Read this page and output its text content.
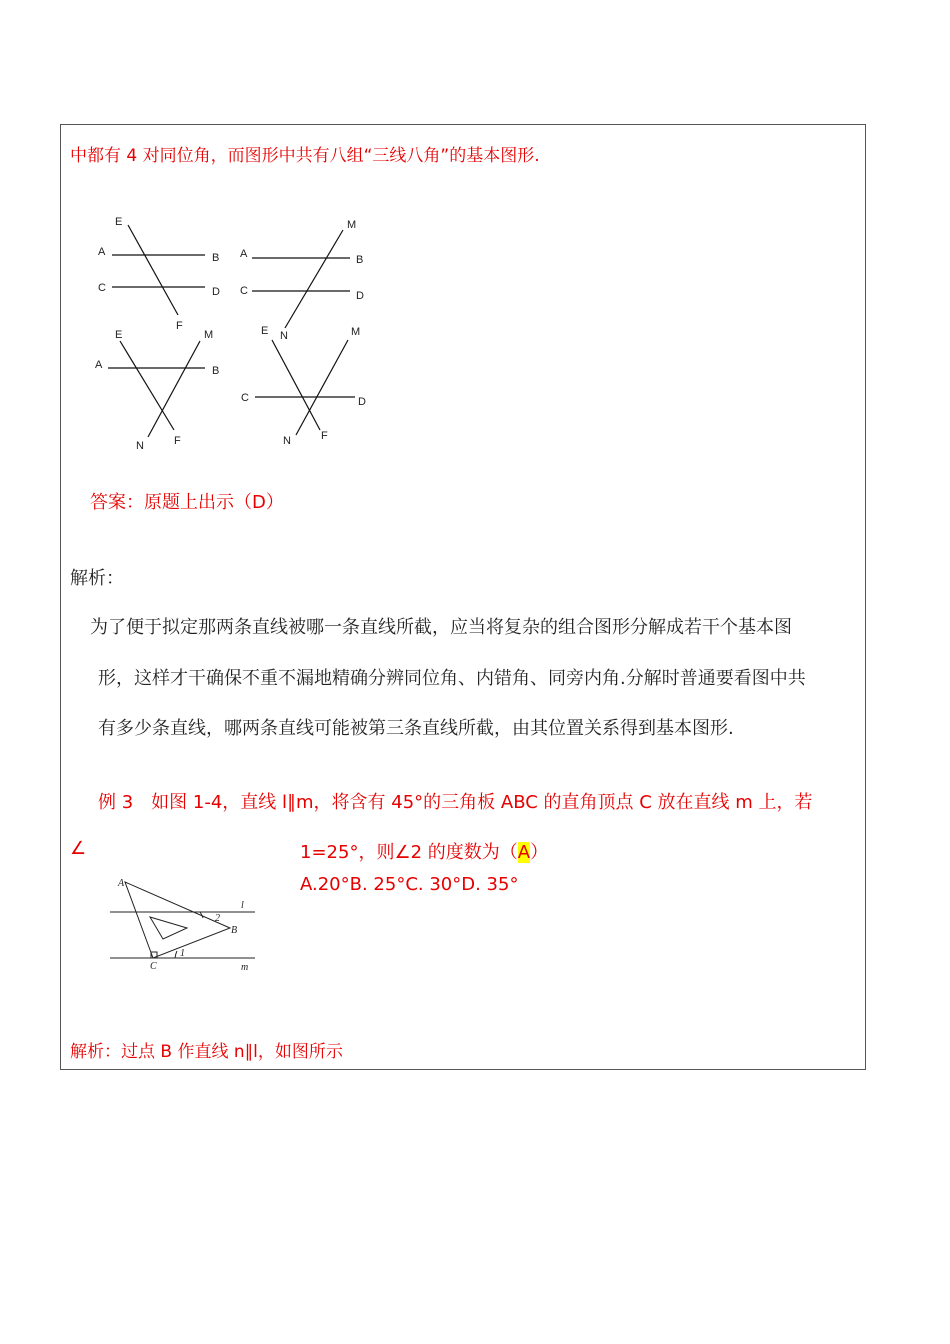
中都有 4 对同位角，而图形中共有八组“三线八角”的基本图形.
E
A	B
C	D
F
M
A	B
C	D
N
E	M
A	B
N	F
E	M
C	D
N	F
答案：原题上出示（D）
解析：
为了便于拟定那两条直线被哪一条直线所截，应当将复杂的组合图形分解成若干个基本图
形，这样才干确保不重不漏地精确分辨同位角、内错角、同旁内角.分解时普通要看图中共
有多少条直线，哪两条直线可能被第三条直线所截，由其位置关系得到基本图形.
例 3　如图 1-4，直线 l∥m，将含有 45°的三角板 ABC 的直角顶点 C 放在直线 m 上，若
∠	1=25°，则∠2 的度数为（A）
A.20°B. 25°C. 30°D. 35°
A
B
C
l
m
1
2
解析：过点 B 作直线 n∥l，如图所示
